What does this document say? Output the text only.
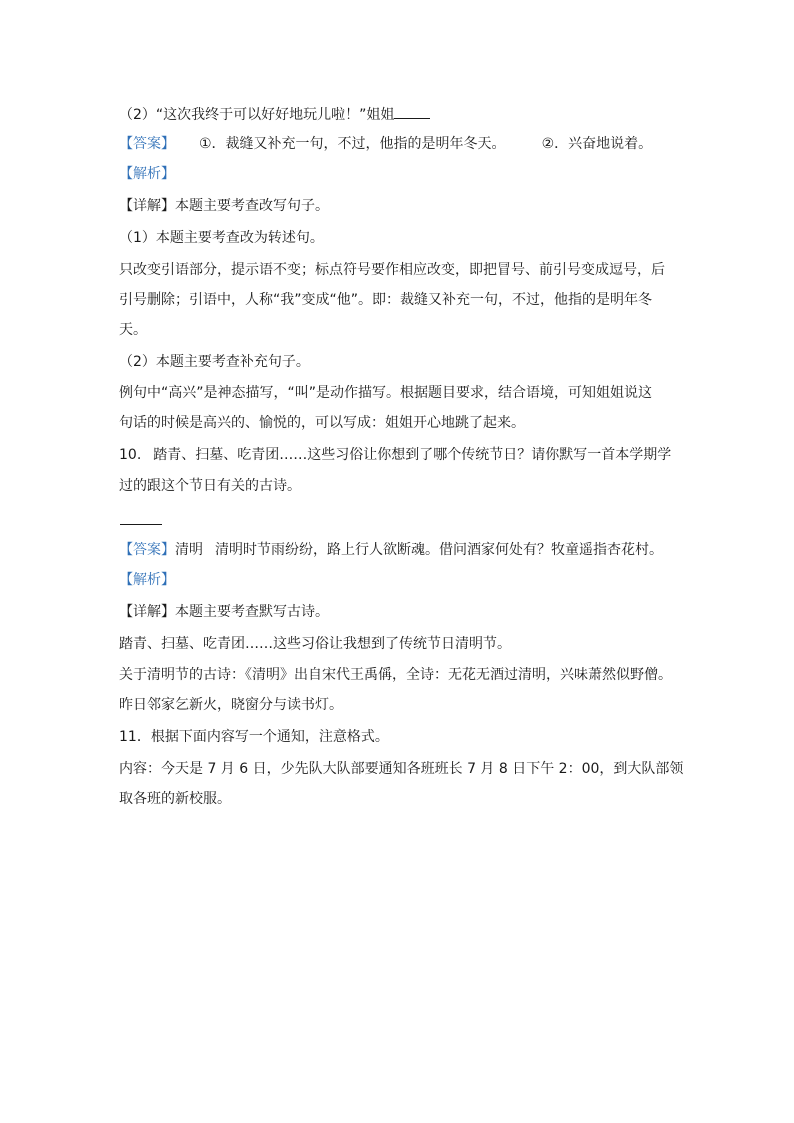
（2）“这次我终于可以好好地玩儿啦！”姐姐
【答案】 ①．裁缝又补充一句，不过，他指的是明年冬天。	②．兴奋地说着。
【解析】
【详解】本题主要考查改写句子。
（1）本题主要考查改为转述句。
只改变引语部分，提示语不变；标点符号要作相应改变，即把冒号、前引号变成逗号，后
引号删除；引语中，人称“我”变成“他”。即：裁缝又补充一句，不过，他指的是明年冬
天。
（2）本题主要考查补充句子。
例句中“高兴”是神态描写，“叫”是动作描写。根据题目要求，结合语境，可知姐姐说这
句话的时候是高兴的、愉悦的，可以写成：姐姐开心地跳了起来。
10. 踏青、扫墓、吃青团……这些习俗让你想到了哪个传统节日？请你默写一首本学期学
过的跟这个节日有关的古诗。
【答案】清明 清明时节雨纷纷，路上行人欲断魂。借问酒家何处有？牧童遥指杏花村。
【解析】
【详解】本题主要考查默写古诗。
踏青、扫墓、吃青团……这些习俗让我想到了传统节日清明节。
关于清明节的古诗：《清明》出自宋代王禹偁，全诗：无花无酒过清明，兴味萧然似野僧。
昨日邻家乞新火，晓窗分与读书灯。
11．根据下面内容写一个通知，注意格式。
内容：今天是 7 月 6 日，少先队大队部要通知各班班长 7 月 8 日下午 2：00，到大队部领
取各班的新校服。
